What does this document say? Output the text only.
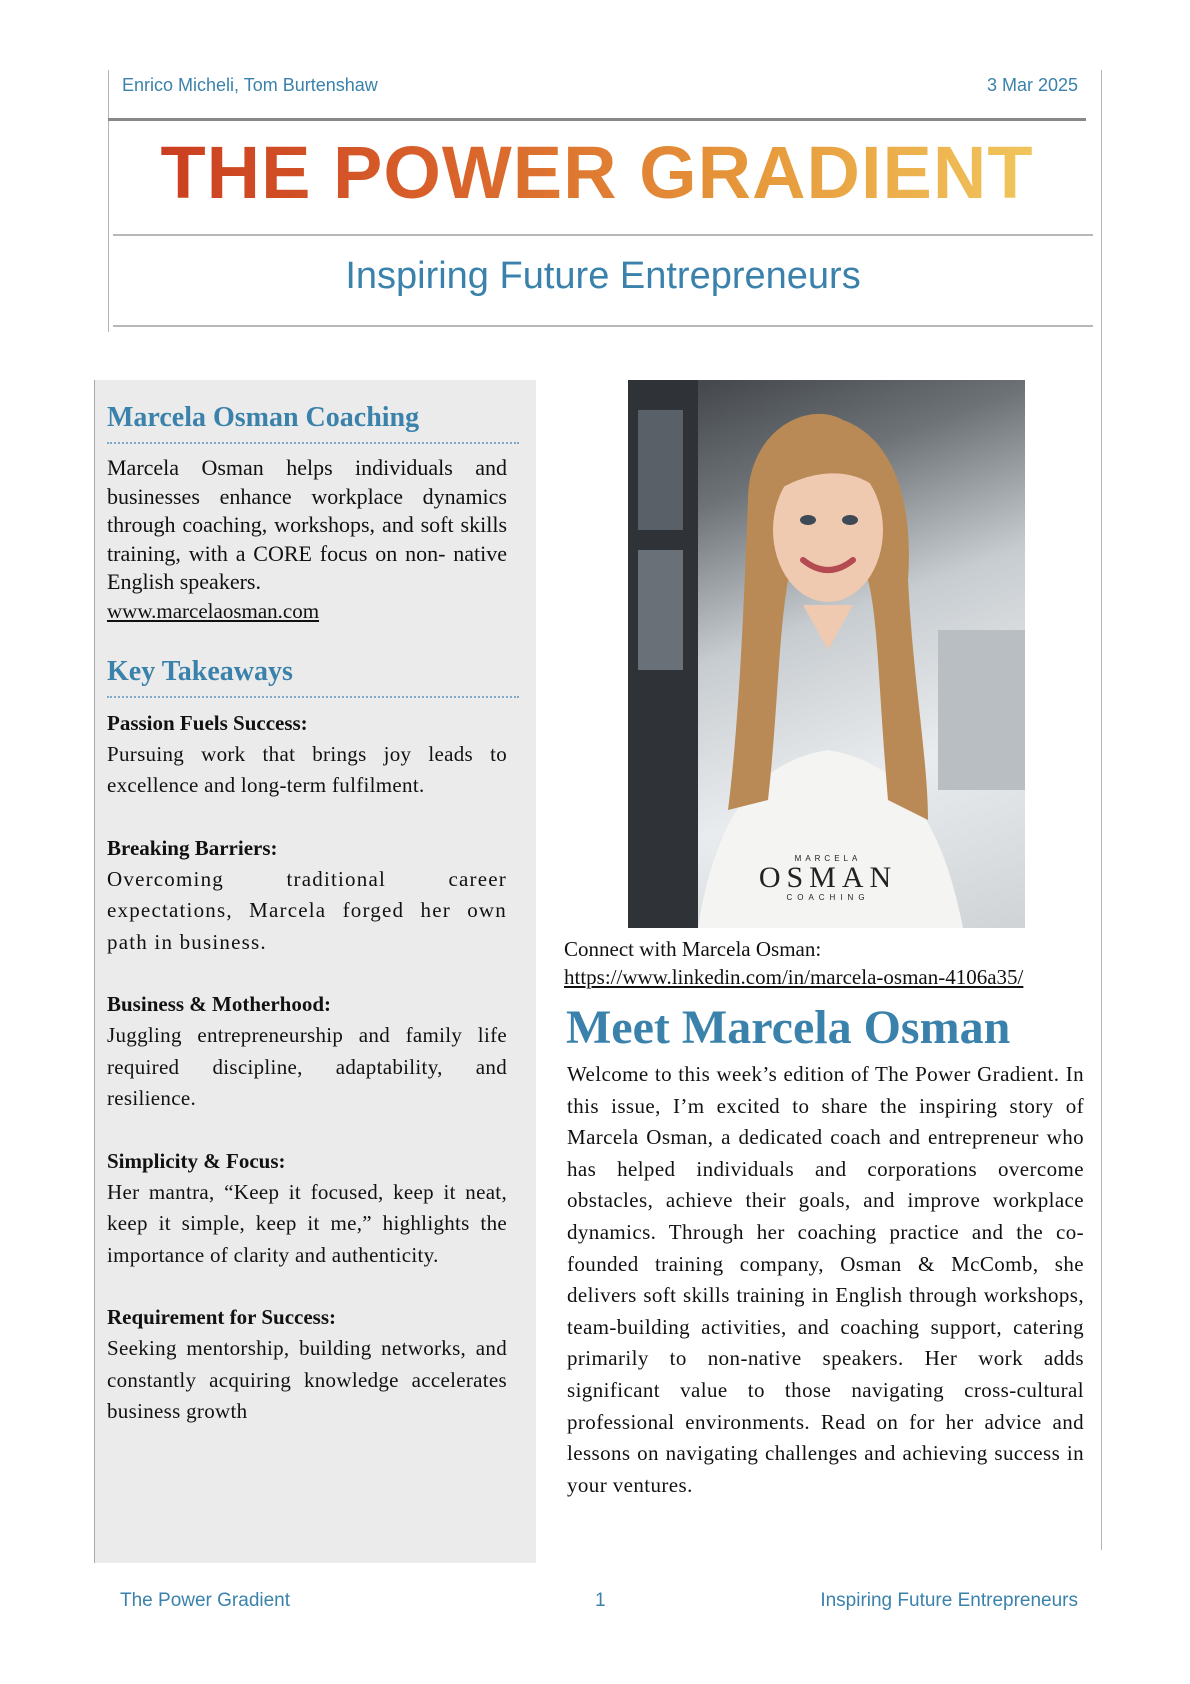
Enrico Micheli, Tom Burtenshaw	3 Mar 2025
THE POWER GRADIENT
Inspiring Future Entrepreneurs
Marcela Osman Coaching
Marcela Osman helps individuals and businesses enhance workplace dynamics through coaching, workshops, and soft skills training, with a CORE focus on non- native English speakers.
www.marcelaosman.com
Key Takeaways
Passion Fuels Success:
Pursuing work that brings joy leads to excellence and long-term fulfilment.
Breaking Barriers:
Overcoming traditional career expectations, Marcela forged her own path in business.
Business & Motherhood:
Juggling entrepreneurship and family life required discipline, adaptability, and resilience.
Simplicity & Focus:
Her mantra, “Keep it focused, keep it neat, keep it simple, keep it me,” highlights the importance of clarity and authenticity.
Requirement for Success:
Seeking mentorship, building networks, and constantly acquiring knowledge accelerates business growth
MARCELA
OSMAN
COACHING
Connect with Marcela Osman:
https://www.linkedin.com/in/marcela-osman-4106a35/
Meet Marcela Osman
Welcome to this week’s edition of The Power Gradient. In this issue, I’m excited to share the inspiring story of Marcela Osman, a dedicated coach and entrepreneur who has helped individuals and corporations overcome obstacles, achieve their goals, and improve workplace dynamics. Through her coaching practice and the co-founded training company, Osman & McComb, she delivers soft skills training in English through workshops, team-building activities, and coaching support, catering primarily to non-native speakers. Her work adds significant value to those navigating cross-cultural professional environments. Read on for her advice and lessons on navigating challenges and achieving success in your ventures.
The Power Gradient	1	Inspiring Future Entrepreneurs
